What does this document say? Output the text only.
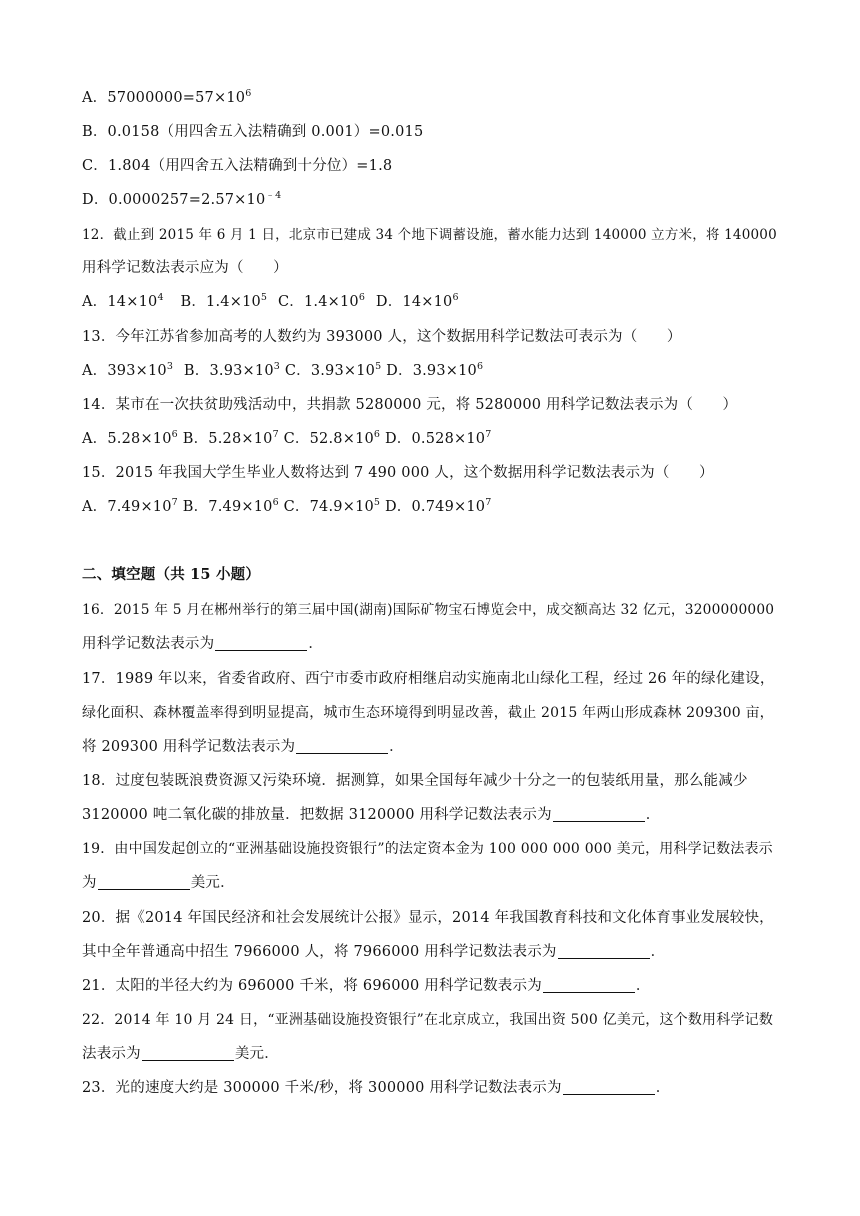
A．$57000000=57\times 10^6$
B．0.0158（用四舍五入法精确到 0.001）=0.015
C．1.804（用四舍五入法精确到十分位）=1.8
D．$0.0000257=2.57\times 10^{﹣4}$
12．截止到 2015 年 6 月 1 日，北京市已建成 34 个地下调蓄设施，蓄水能力达到 140000 立方米，将 140000
用科学记数法表示应为（　　）
A．$14\times 10^4$ B．$1.4\times 10^5$ C．$1.4\times 10^6$ D．$14\times 10^6$
13．今年江苏省参加高考的人数约为 393000 人，这个数据用科学记数法可表示为（　　）
A．$393\times 10^3$ B．$3.93\times 10^3$ C．$3.93\times 10^5$ D．$3.93\times 10^6$
14．某市在一次扶贫助残活动中，共捐款 5280000 元，将 5280000 用科学记数法表示为（　　）
A．$5.28\times 10^6$ B．$5.28\times 10^7$ C．$52.8\times 10^6$ D．$0.528\times 10^7$
15．2015 年我国大学生毕业人数将达到 7 490 000 人，这个数据用科学记数法表示为（　　）
A．$7.49\times 10^7$ B．$7.49\times 10^6$ C．$74.9\times 10^5$ D．$0.749\times 10^7$
二、填空题（共 15 小题）
16．2015 年 5 月在郴州举行的第三届中国(湖南)国际矿物宝石博览会中，成交额高达 32 亿元，3200000000
用科学记数法表示为	．
17．1989 年以来，省委省政府、西宁市委市政府相继启动实施南北山绿化工程，经过 26 年的绿化建设，
绿化面积、森林覆盖率得到明显提高，城市生态环境得到明显改善，截止 2015 年两山形成森林 209300 亩，
将 209300 用科学记数法表示为	．
18．过度包装既浪费资源又污染环境．据测算，如果全国每年减少十分之一的包装纸用量，那么能减少
3120000 吨二氧化碳的排放量．把数据 3120000 用科学记数法表示为	．
19．由中国发起创立的“亚洲基础设施投资银行”的法定资本金为 100 000 000 000 美元，用科学记数法表示
为	美元．
20．据《2014 年国民经济和社会发展统计公报》显示，2014 年我国教育科技和文化体育事业发展较快，
其中全年普通高中招生 7966000 人，将 7966000 用科学记数法表示为	．
21．太阳的半径大约为 696000 千米，将 696000 用科学记数表示为	．
22．2014 年 10 月 24 日，“亚洲基础设施投资银行”在北京成立，我国出资 500 亿美元，这个数用科学记数
法表示为	美元．
23．光的速度大约是 300000 千米/秒，将 300000 用科学记数法表示为	．
